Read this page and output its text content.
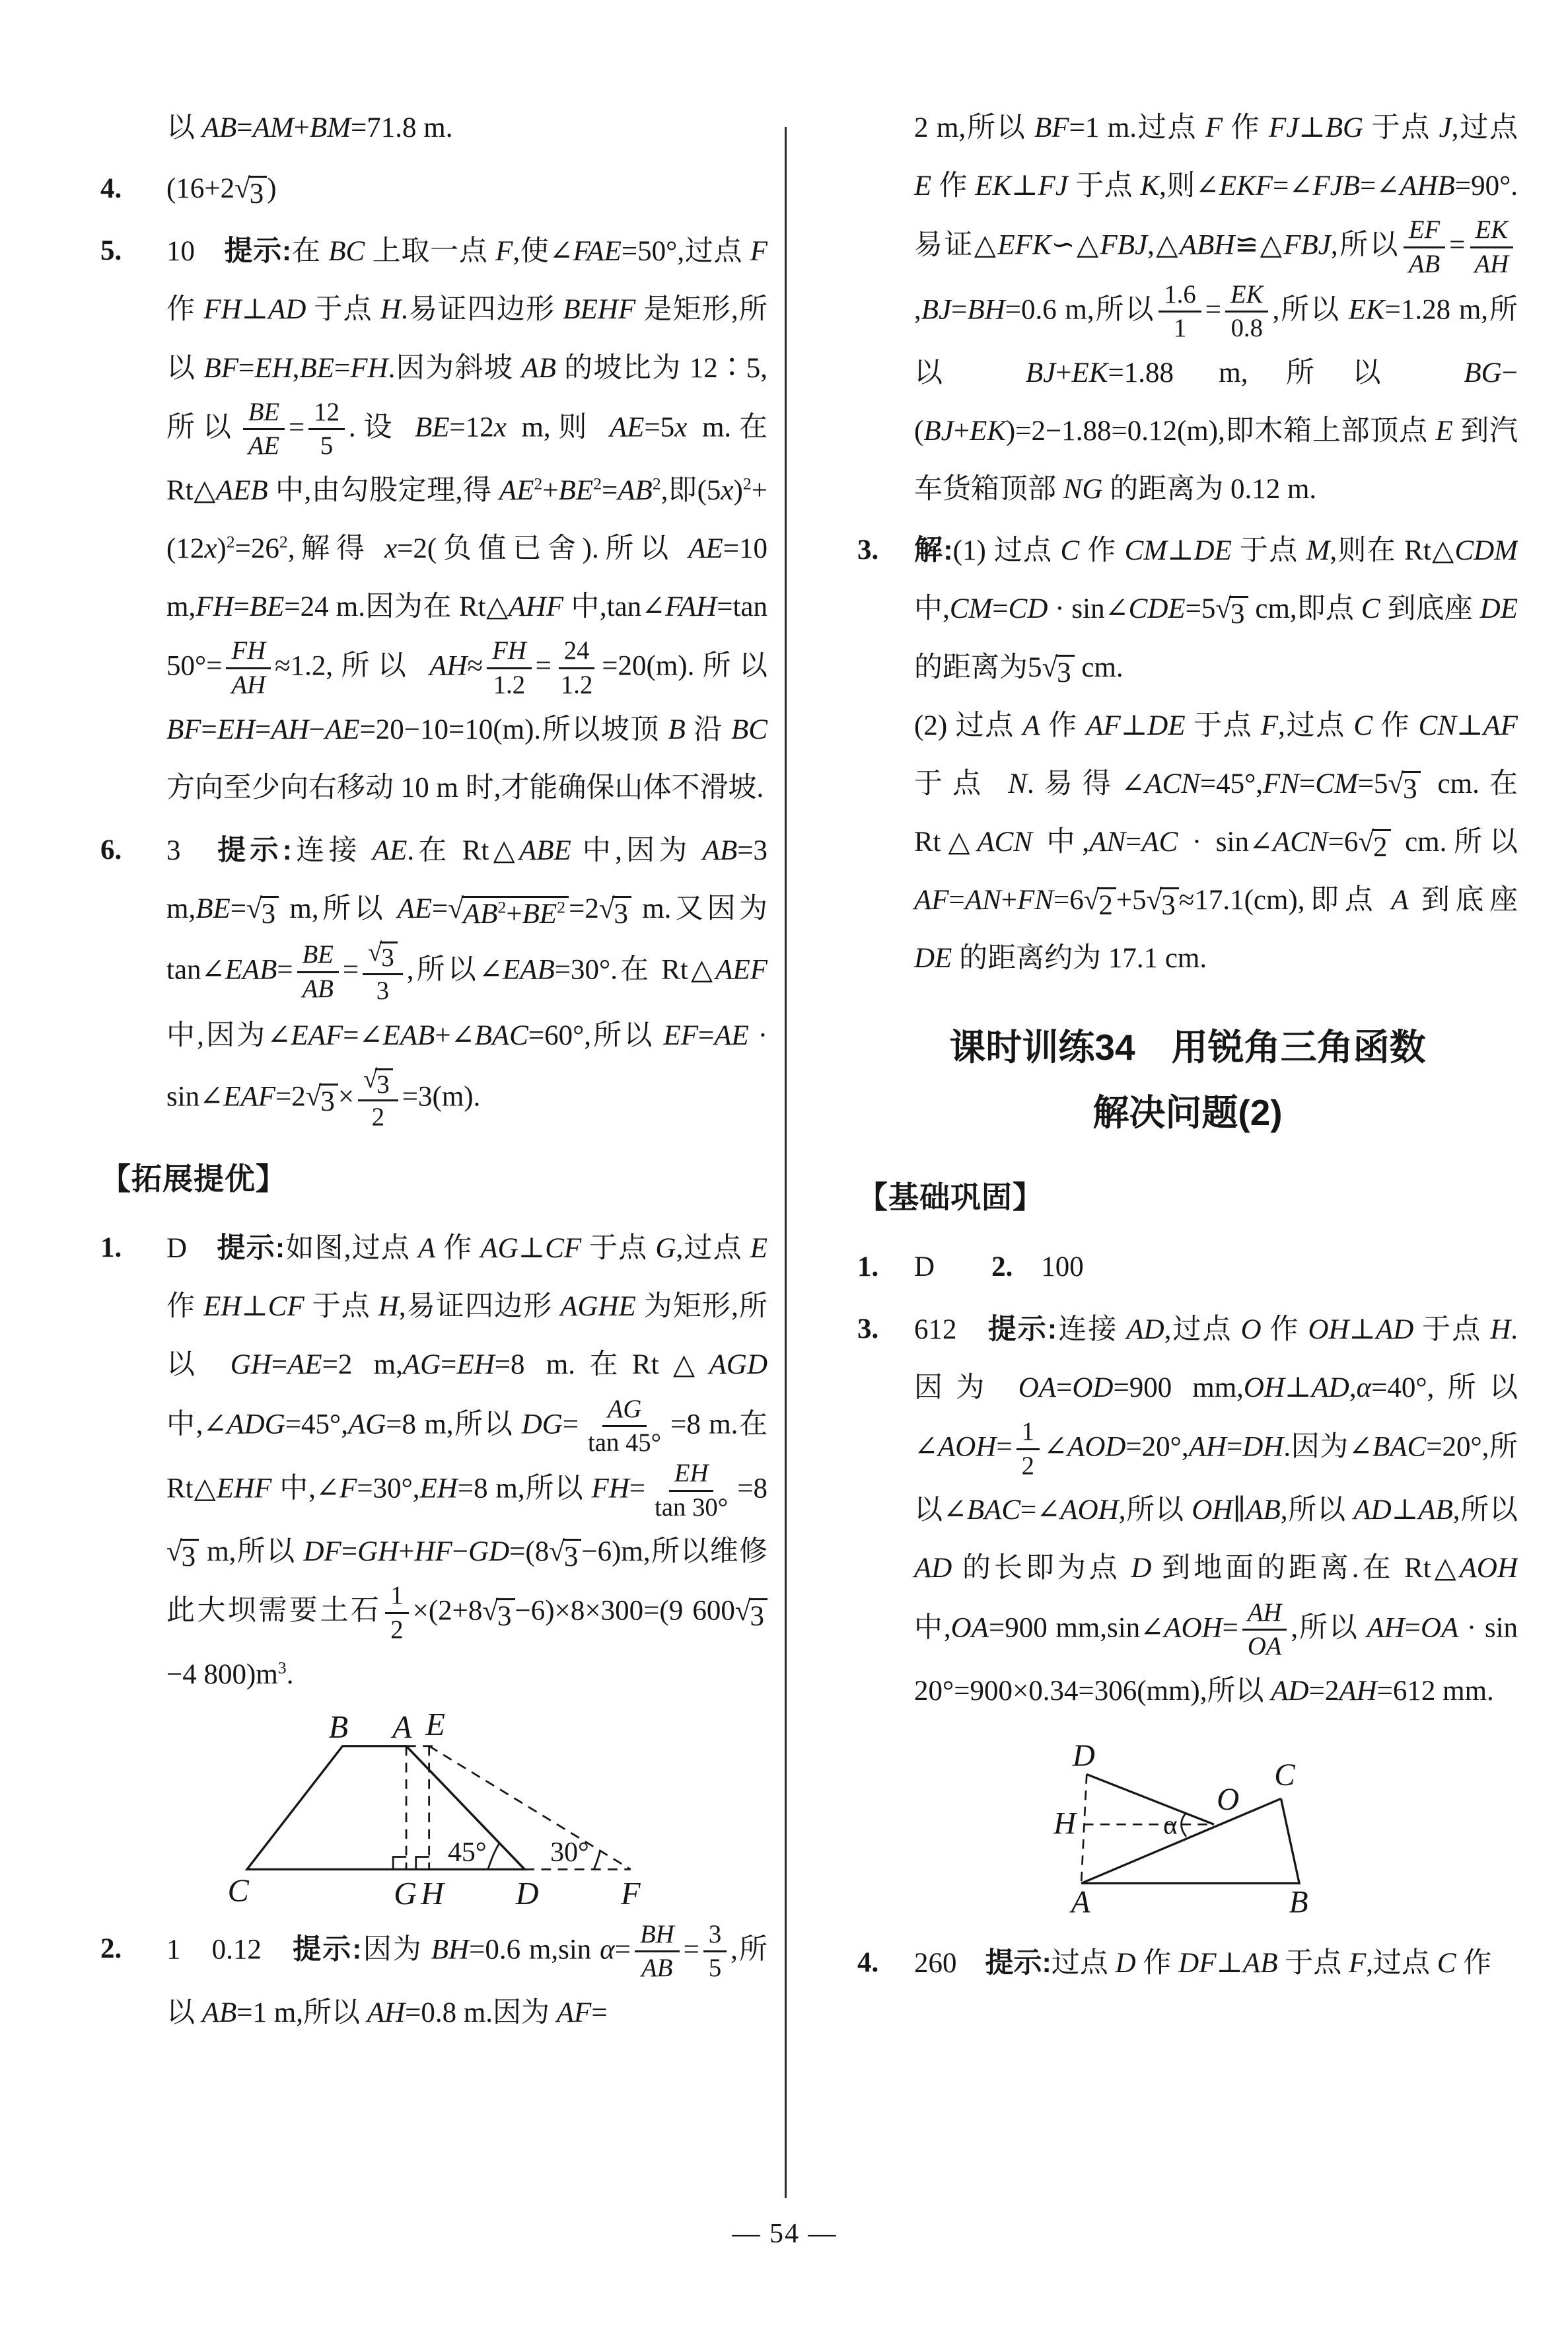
以 AB=AM+BM=71.8 m.

4. (16+2 √ 3 )
5. 10　提示:在 BC 上取一点 F,使∠FAE=50°,过点 F 作 FH⊥AD 于点 H.易证四边形 BEHF 是矩形,所以 BF=EH,BE=FH.因为斜坡 AB 的坡比为 12∶5,所以 $\frac{BE}{AE} = \frac{12}{5}$ .设 BE=12x m,则 AE=5x m.在 Rt△AEB 中,由勾股定理,得 $AE^2+BE^2=AB^2$,即$(5x)^2+(12x)^2=26^2$,解得 x=2(负值已舍).所以 AE=10 m,FH=BE=24 m.因为在 Rt△AHF 中,tan∠FAH=tan $50^\circ= \frac{FH}{AH} \approx 1.2$,所以 $AH\approx \frac{FH}{1.2} = \frac{24}{1.2} =20(m)$.所以 BF=EH=AH−AE=20−10=10(m).所以坡顶 B 沿 BC 方向至少向右移动 10 m 时,才能确保山体不滑坡.
6. 3　提示:连接 AE.在 Rt△ABE 中,因为 AB=3 m,BE= √ 3 m,所以 AE= √ $AB^2+BE^2 =2$ √ 3 m.又因为 tan∠EAB= $\frac{BE}{AB} = \frac{√ 3}{3}$ ,所以∠EAB=30°.在 Rt△AEF 中,因为∠EAF=∠EAB+∠BAC=60°,所以 EF=AE · sin∠EAF=2 √ $3 \times \frac{√ 3}{2} =3(m)$.
【拓展提优】
1. D　提示:如图,过点 A 作 AG⊥CF 于点 G,过点 E 作 EH⊥CF 于点 H,易证四边形 AGHE 为矩形,所以 GH=AE=2 m,AG=EH=8 m.在Rt△AGD 中,∠ADG=45°,AG=8 m,所以 $DG= \frac{AG}{\tan 45^\circ} =8$ m.在 Rt△EHF 中,∠F=30°,EH=8 m,所以 $FH= \frac{EH}{\tan 30^\circ} =8$
√ 3 m,所以 DF=GH+HF−GD=(8 √ 3 −6)m,所以维修此大坝需要土石 $\frac{1}{2} \times(2+8$ √ 3 −6)×8×300=(9 600 √ 3
−4 $800)m^3$.
B A E
C	G H D	F
45° 30°
2. 1　0.12　提示:因为 BH=0.6 m,sin $\alpha= \frac{BH}{AB} = \frac{3}{5}$ ,所以 AB=1 m,所以 AH=0.8 m.因为 AF=

2 m,所以 BF=1 m.过点 F 作 FJ⊥BG 于点 J,过点 E 作 EK⊥FJ 于点 K,则∠EKF=∠FJB=∠AHB=90°.易证△EFK∽△FBJ,△ABH≌△FBJ,所以 $\frac{EF}{AB} = \frac{EK}{AH}$
,BJ=BH=0.6 m,所以 $\frac{1.6}{1} = \frac{EK}{0.8}$ ,所以 EK=1.28 m,所以 BJ+EK=1.88 m,所以 BG−(BJ+EK)=2−1.88=0.12(m),即木箱上部顶点 E 到汽车货箱顶部 NG 的距离为 0.12 m.

3. 解:(1) 过点 C 作 CM⊥DE 于点 M,则在 Rt△CDM 中,CM=CD · sin∠CDE=5 √ 3 cm,即点 C 到底座 DE 的距离为5 √ 3 cm.
(2) 过点 A 作 AF⊥DE 于点 F,过点 C 作 CN⊥AF 于点 N.易得∠ACN=45°,FN=CM=5 √ 3 cm.在 Rt△ACN 中,AN=AC · sin∠ACN=6 √ 2 cm.所以 AF=AN+FN=6 √ 2 +5 √ 3 ≈17.1(cm),即点 A 到底座 DE 的距离约为 17.1 cm.
课时训练34　用锐角三角函数
解决问题(2)
【基础巩固】
1. D　　2.　100
3. 612　提示:连接 AD,过点 O 作 OH⊥AD 于点 H.因为 OA=OD=900 mm,OH⊥AD,α=40°,所以∠AOH= $\frac{1}{2}$ ∠AOD=20°,AH=DH.因为∠BAC=20°,所以∠BAC=∠AOH,所以 OH∥AB,所以 AD⊥AB,所以 AD 的长即为点 D 到地面的距离.在 Rt△AOH 中,OA=900 mm,sin∠AOH= $\frac{AH}{OA}$ ,所以 AH=OA · sin 20°=900×0.34=306(mm),所以 AD=2AH=612 mm.
D
C
O
H
A	B
α
4. 260　提示:过点 D 作 DF⊥AB 于点 F,过点 C 作
— 54 —
